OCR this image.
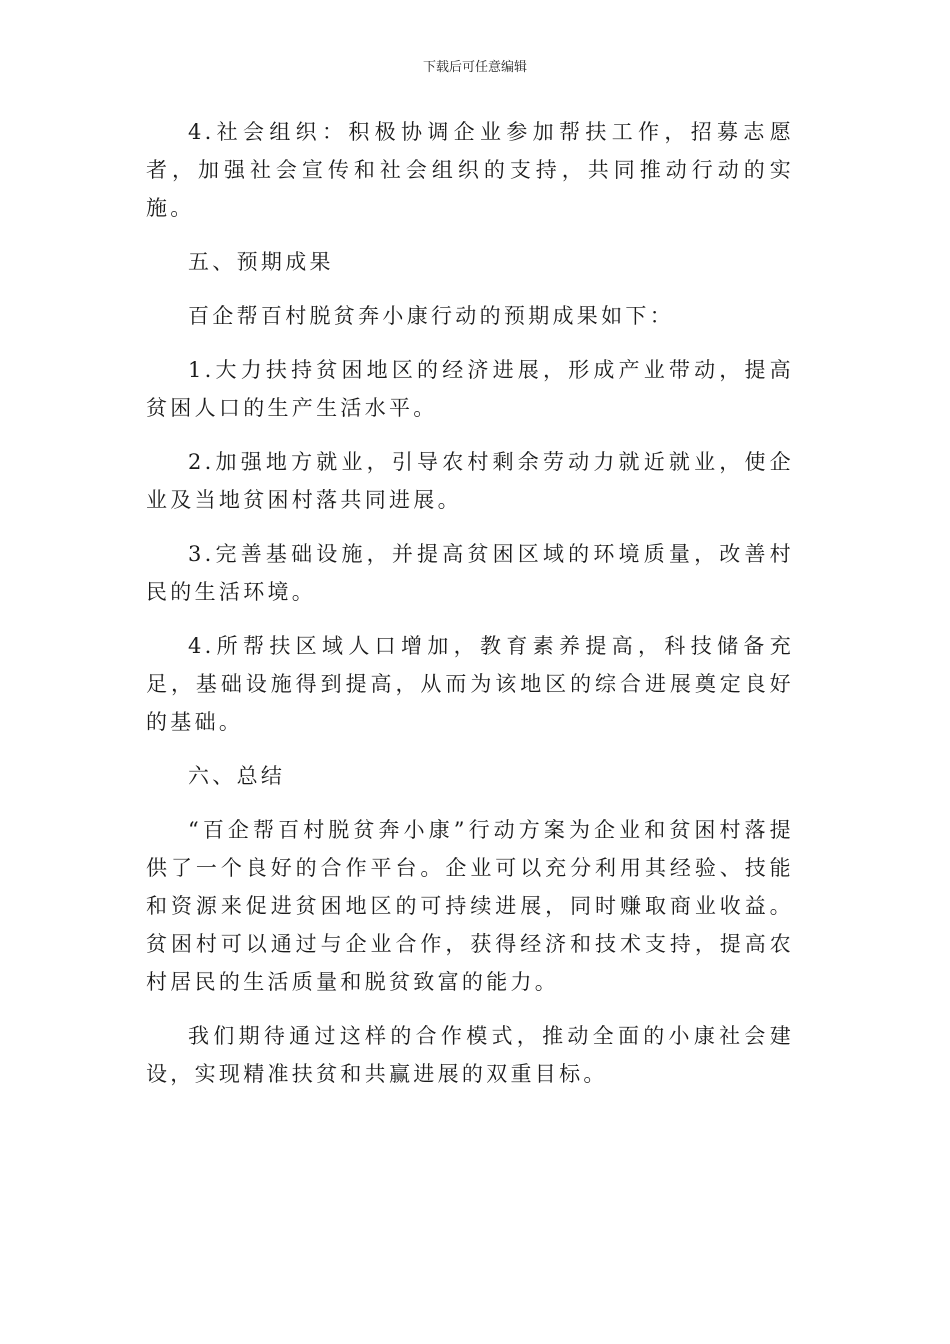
下载后可任意编辑

4.社会组织：积极协调企业参加帮扶工作，招募志愿者，加强社会宣传和社会组织的支持，共同推动行动的实施。

五、预期成果

百企帮百村脱贫奔小康行动的预期成果如下：

1.大力扶持贫困地区的经济进展，形成产业带动，提高贫困人口的生产生活水平。

2.加强地方就业，引导农村剩余劳动力就近就业，使企业及当地贫困村落共同进展。

3.完善基础设施，并提高贫困区域的环境质量，改善村民的生活环境。

4.所帮扶区域人口增加，教育素养提高，科技储备充足，基础设施得到提高，从而为该地区的综合进展奠定良好的基础。

六、总结

“百企帮百村脱贫奔小康”行动方案为企业和贫困村落提供了一个良好的合作平台。企业可以充分利用其经验、技能和资源来促进贫困地区的可持续进展，同时赚取商业收益。贫困村可以通过与企业合作，获得经济和技术支持，提高农村居民的生活质量和脱贫致富的能力。

我们期待通过这样的合作模式，推动全面的小康社会建设，实现精准扶贫和共赢进展的双重目标。
